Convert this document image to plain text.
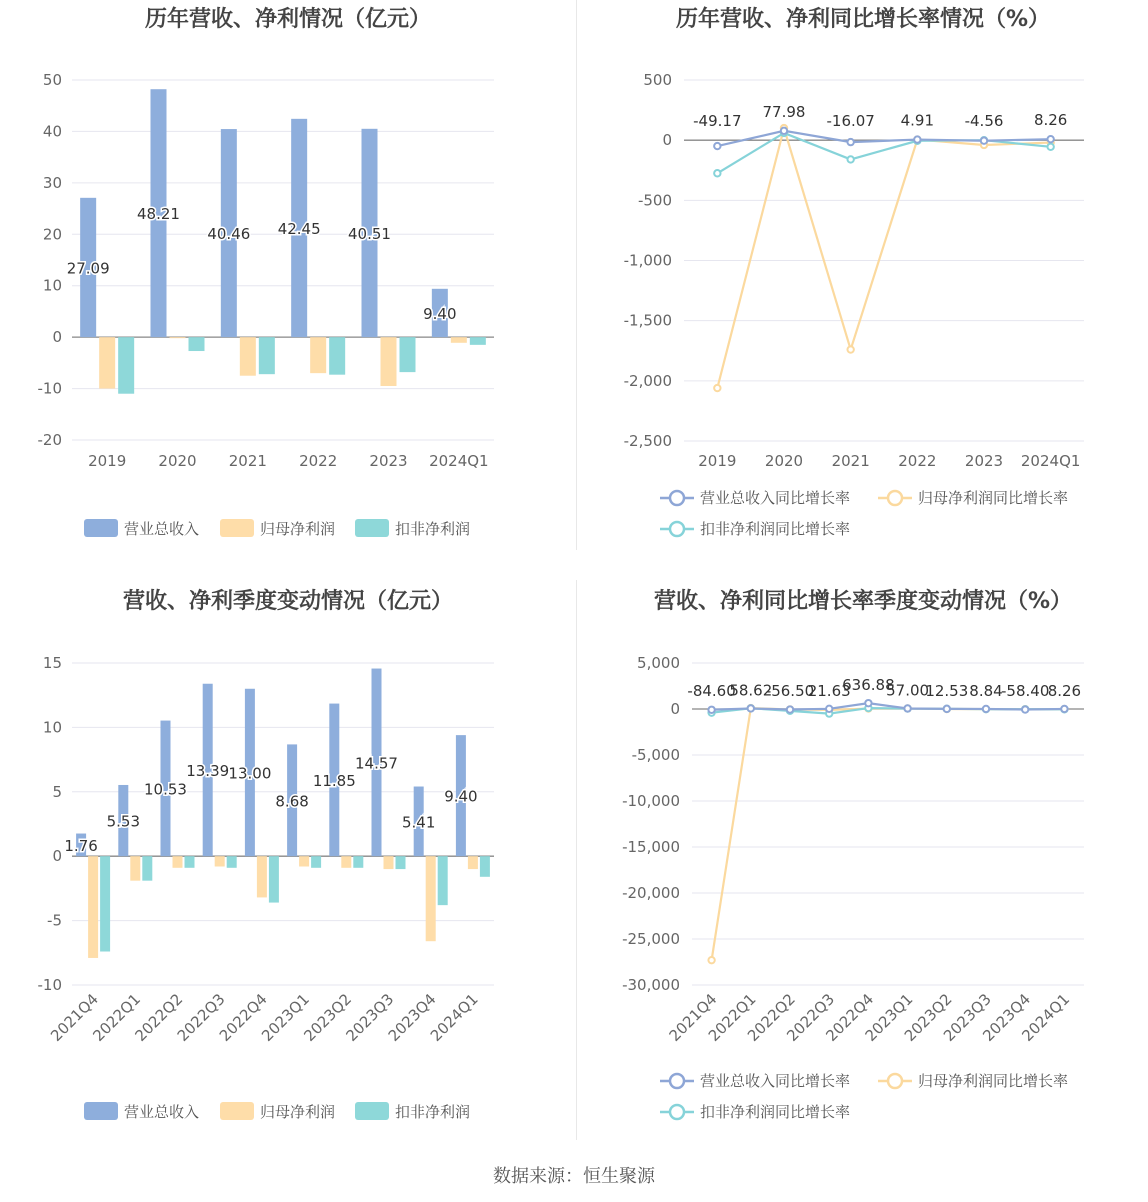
历年营收、净利情况（亿元）
50
40
30
20
10
0
-10
-20
2019
27.09
2020
48.21
2021
40.46
2022
42.45
2023
40.51
2024Q1
9.40
营业总收入	归母净利润	扣非净利润
历年营收、净利同比增长率情况（%）
500
0
-500
-1,000
-1,500
-2,000
-2,500
2019 2020 2021 2022 2023 2024Q1
-49.17
77.98
-16.07 4.91 -4.56 8.26
营业总收入同比增长率	归母净利润同比增长率
扣非净利润同比增长率
营收、净利季度变动情况（亿元）
15
10
5
0
-5
-10
2021Q4
1.76
2022Q1
5.53
2022Q2
10.53
2022Q3
13.39
2022Q4
13.00
2023Q1
8.68
2023Q2
11.85
2023Q3
14.57
2023Q4
5.41
2024Q1
9.40
营业总收入	归母净利润	扣非净利润
营收、净利同比增长率季度变动情况（%）
5,000
0
-5,000
-10,000
-15,000
-20,000
-25,000
-30,000
2021Q4
2022Q1
2022Q2
2022Q3
2022Q4
2023Q1
2023Q2
2023Q3
2023Q4
2024Q1
-84.60
58.62
-56.50
21.63
636.88
57.00
12.53 8.84
-58.40
8.26
营业总收入同比增长率	归母净利润同比增长率
扣非净利润同比增长率
数据来源：恒生聚源
